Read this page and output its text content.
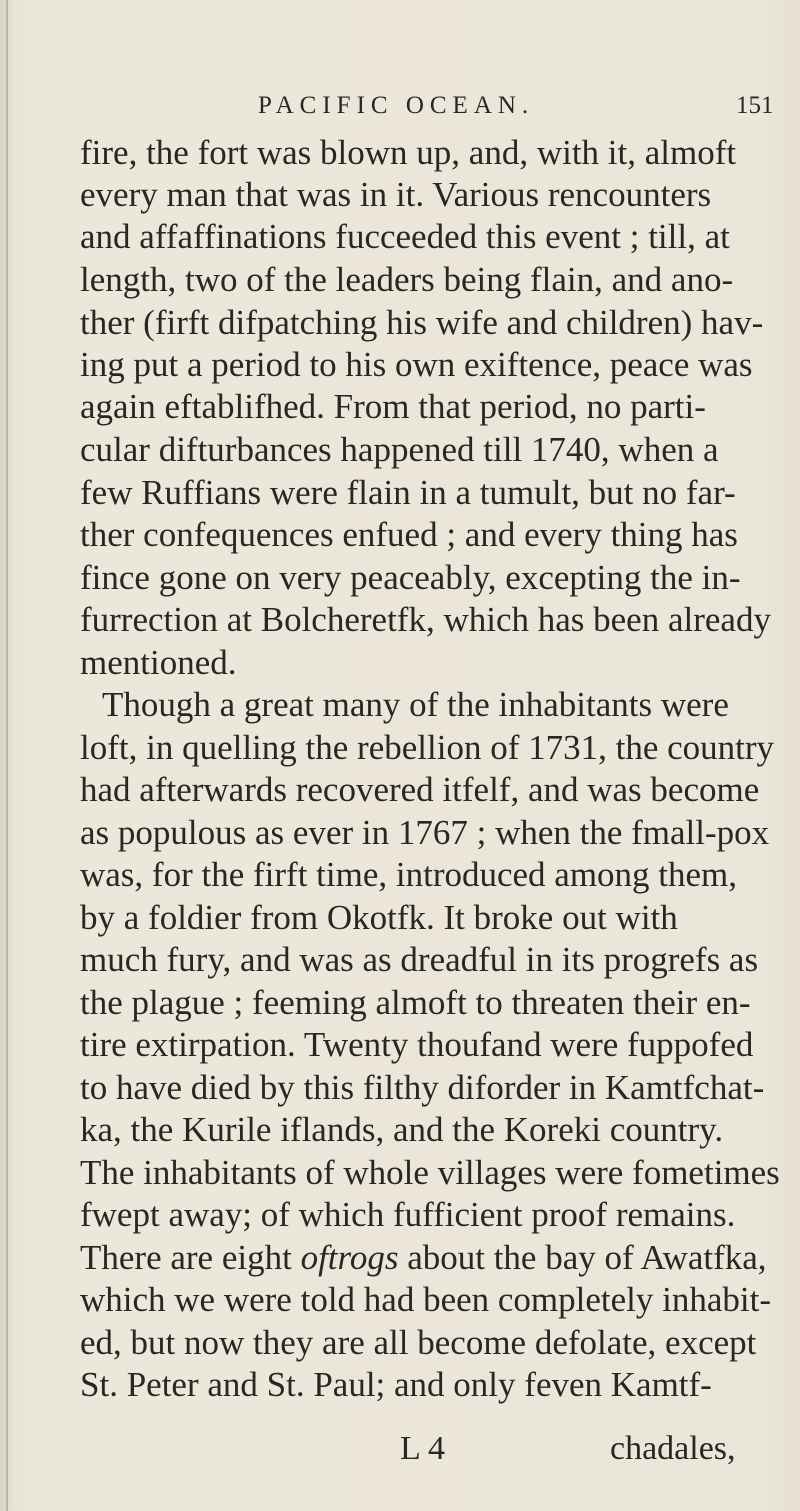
PACIFIC OCEAN.	151
fire, the fort was blown up, and, with it, almoft
every man that was in it. Various rencounters
and affaffinations fucceeded this event ; till, at
length, two of the leaders being flain, and ano-
ther (firft difpatching his wife and children) hav-
ing put a period to his own exiftence, peace was
again eftablifhed. From that period, no parti-
cular difturbances happened till 1740, when a
few Ruffians were flain in a tumult, but no far-
ther confequences enfued ; and every thing has
fince gone on very peaceably, excepting the in-
furrection at Bolcheretfk, which has been already
mentioned.
Though a great many of the inhabitants were
loft, in quelling the rebellion of 1731, the country
had afterwards recovered itfelf, and was become
as populous as ever in 1767 ; when the fmall-pox
was, for the firft time, introduced among them,
by a foldier from Okotfk. It broke out with
much fury, and was as dreadful in its progrefs as
the plague ; feeming almoft to threaten their en-
tire extirpation. Twenty thoufand were fuppofed
to have died by this filthy diforder in Kamtfchat-
ka, the Kurile iflands, and the Koreki country.
The inhabitants of whole villages were fometimes
fwept away; of which fufficient proof remains.
There are eight oftrogs about the bay of Awatfka,
which we were told had been completely inhabit-
ed, but now they are all become defolate, except
St. Peter and St. Paul; and only feven Kamtf-
L 4	chadales,
